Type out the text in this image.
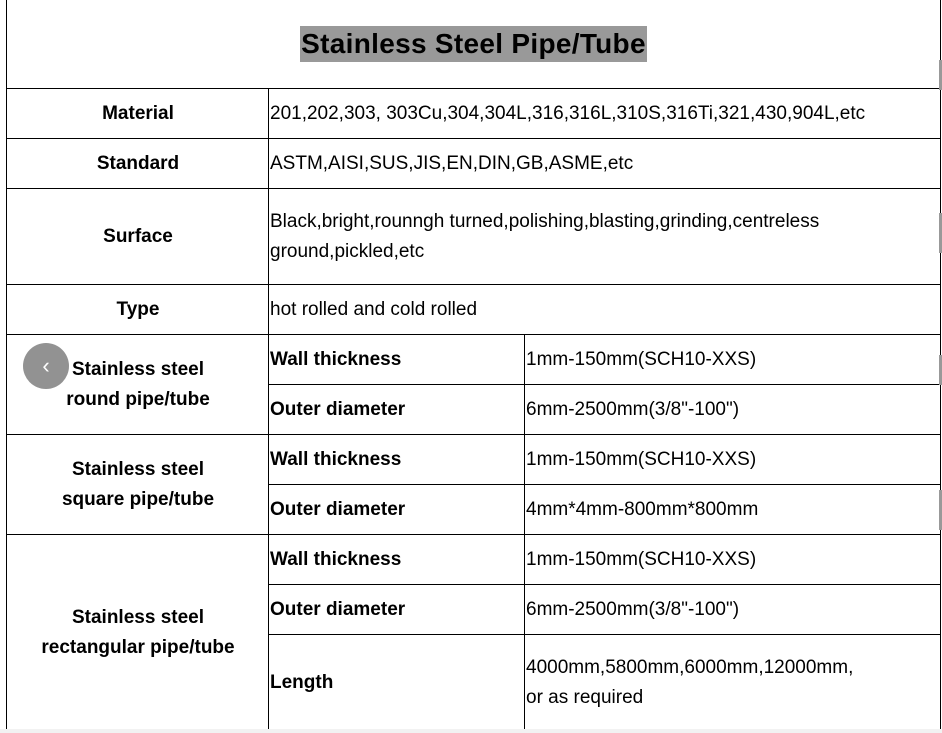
Stainless Steel Pipe/Tube
Material	201,202,303, 303Cu,304,304L,316,316L,310S,316Ti,321,430,904L,etc	
Standard	ASTM,AISI,SUS,JIS,EN,DIN,GB,ASME,etc	
Surface	Black,bright,rounngh turned,polishing,blasting,grinding,centreless
ground,pickled,etc	

Type	hot rolled and cold rolled	

Stainless steel
round pipe/tube	Wall thickness	1mm-150mm(SCH10-XXS)
	Outer diameter	6mm-2500mm(3/8"-100")

Stainless steel
square pipe/tube	Wall thickness	1mm-150mm(SCH10-XXS)
	Outer diameter	4mm*4mm-800mm*800mm

Stainless steel
rectangular pipe/tube	Wall thickness	1mm-150mm(SCH10-XXS)
	Outer diameter	6mm-2500mm(3/8"-100")
	Length	4000mm,5800mm,6000mm,12000mm,
or as required
‹
